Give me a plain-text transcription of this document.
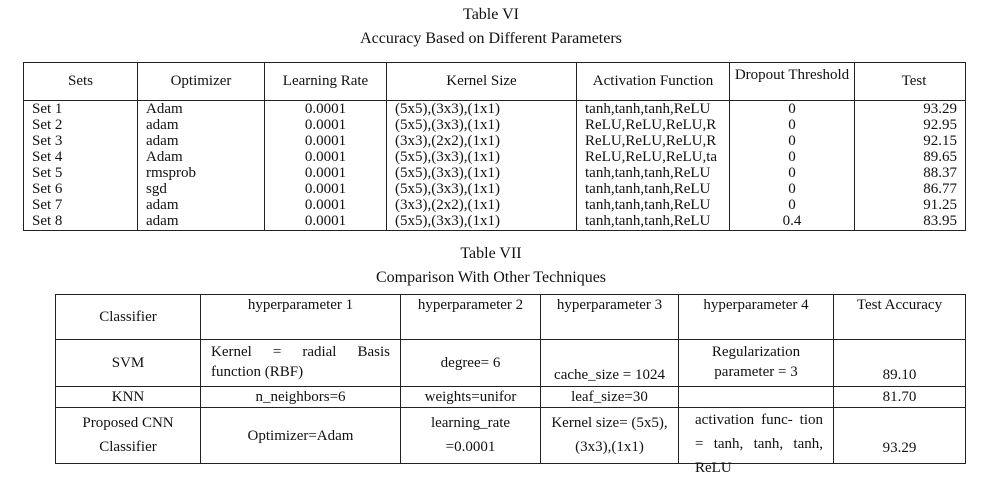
Table VI
Accuracy Based on Different Parameters
Sets	Optimizer	Learning Rate	Kernel Size	Activation Function	Dropout Threshold	Test
Set 1	Adam	0.0001	(5x5),(3x3),(1x1)	tanh,tanh,tanh,ReLU	0	93.29
Set 2	adam	0.0001	(5x5),(3x3),(1x1)	ReLU,ReLU,ReLU,R	0	92.95
Set 3	adam	0.0001	(3x3),(2x2),(1x1)	ReLU,ReLU,ReLU,R	0	92.15
Set 4	Adam	0.0001	(5x5),(3x3),(1x1)	ReLU,ReLU,ReLU,ta	0	89.65
Set 5	rmsprob	0.0001	(5x5),(3x3),(1x1)	tanh,tanh,tanh,ReLU	0	88.37
Set 6	sgd	0.0001	(5x5),(3x3),(1x1)	tanh,tanh,tanh,ReLU	0	86.77
Set 7	adam	0.0001	(3x3),(2x2),(1x1)	tanh,tanh,tanh,ReLU	0	91.25
Set 8	adam	0.0001	(5x5),(3x3),(1x1)	tanh,tanh,tanh,ReLU	0.4	83.95
Table VII
Comparison With Other Techniques
Classifier	hyperparameter 1	hyperparameter 2	hyperparameter 3	hyperparameter 4	Test Accuracy
SVM	Kernel = radial Basis function (RBF)	degree= 6	cache_size = 1024	Regularization parameter = 3	89.10

KNN	n_neighbors=6	weights=unifor	leaf_size=30		81.70

Proposed CNN Classifier	Optimizer=Adam	learning_rate =0.0001	Kernel size= (5x5),(3x3),(1x1)	activation func- tion = tanh, tanh, tanh, ReLU	93.29
